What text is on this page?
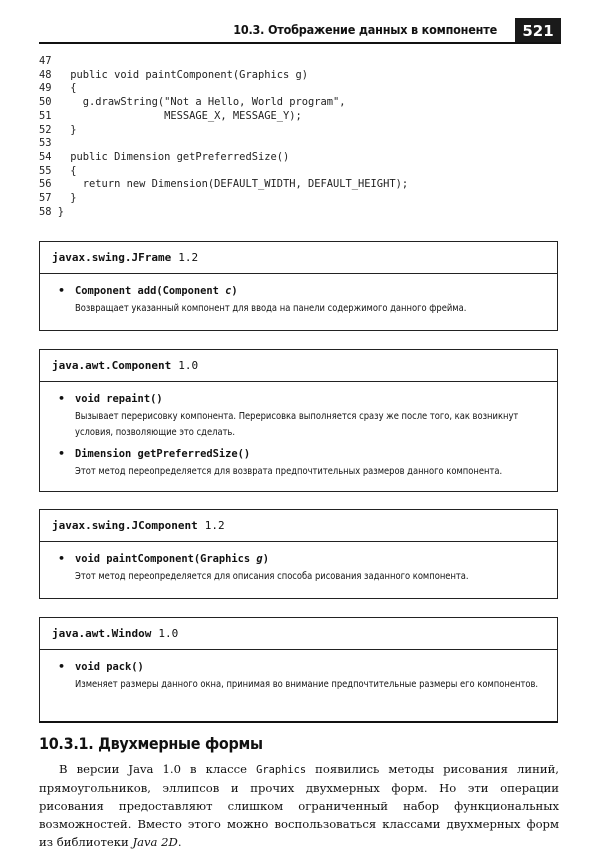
10.3. Отображение данных в компоненте	521
47
48   public void paintComponent(Graphics g)
49   {
50     g.drawString("Not a Hello, World program",
51                  MESSAGE_X, MESSAGE_Y);
52   }
53
54   public Dimension getPreferredSize()
55   {
56     return new Dimension(DEFAULT_WIDTH, DEFAULT_HEIGHT);
57   }
58 }
javax.swing.JFrame 1.2
• Component add(Component c)
Возвращает указанный компонент для ввода на панели содержимого данного фрейма.
java.awt.Component 1.0
• void repaint()
Вызывает перерисовку компонента. Перерисовка выполняется сразу же после того, как возникнут условия, позволяющие это сделать.
• Dimension getPreferredSize()
Этот метод переопределяется для возврата предпочтительных размеров данного компонента.
javax.swing.JComponent 1.2
• void paintComponent(Graphics g)
Этот метод переопределяется для описания способа рисования заданного компонента.
java.awt.Window 1.0
• void pack()
Изменяет размеры данного окна, принимая во внимание предпочтительные размеры его компонентов.
10.3.1. Двухмерные формы

В версии Java 1.0 в классе Graphics появились методы рисования линий, прямоугольников, эллипсов и прочих двухмерных форм. Но эти операции рисования предоставляют слишком ограниченный набор функциональных возможностей. Вместо этого можно воспользоваться классами двухмерных форм из библиотеки Java 2D.
